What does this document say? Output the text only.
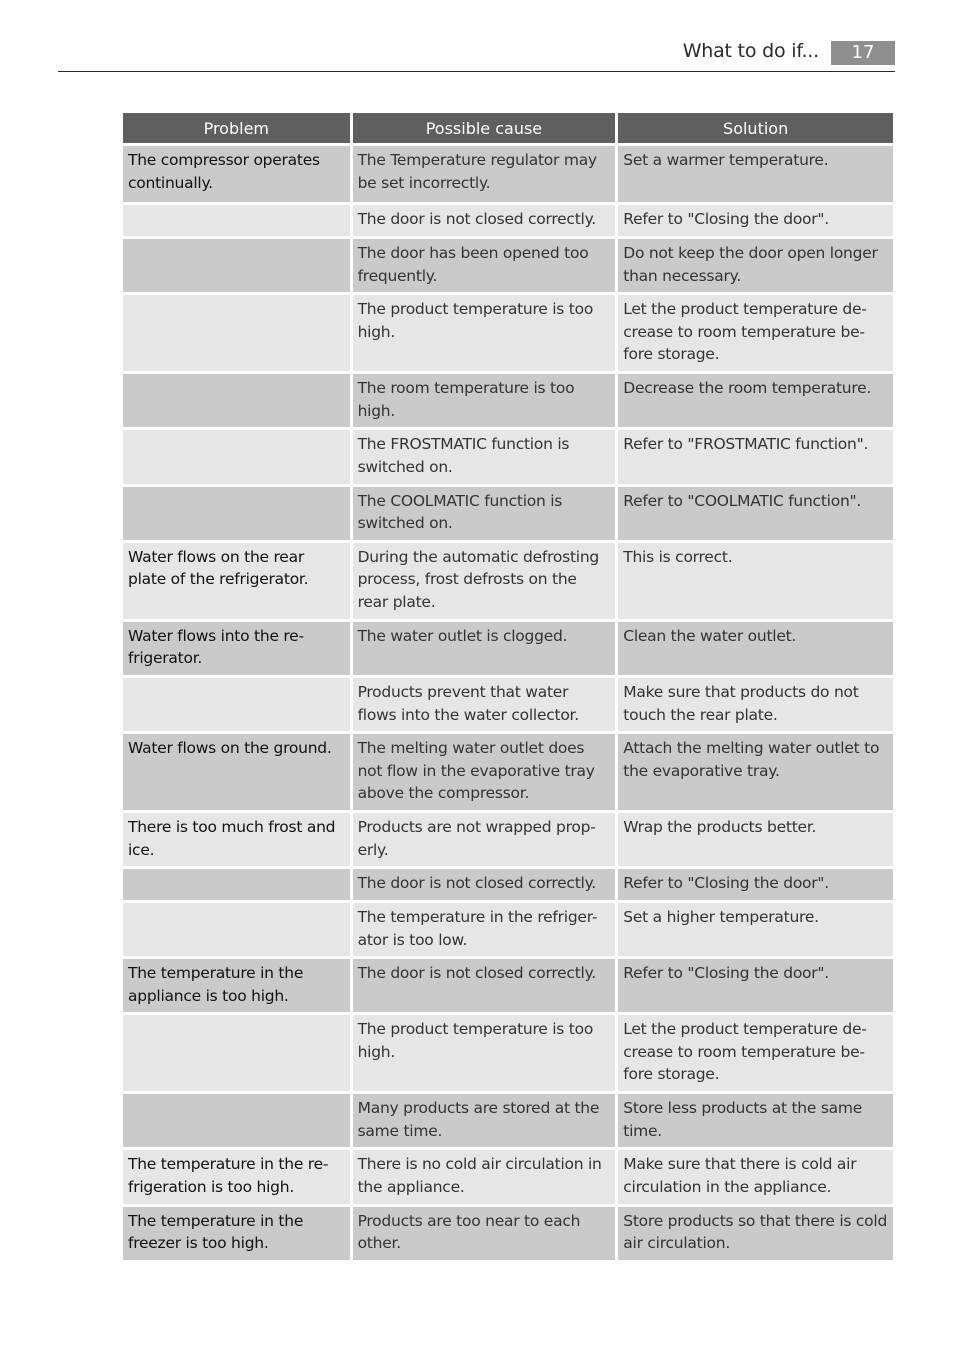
What to do if...	17
Problem	Possible cause	Solution
The compressor operates continually.	The Temperature regulator may be set incorrectly.	Set a warmer temperature.
	The door is not closed correctly.	Refer to "Closing the door".
	The door has been opened too frequently.	Do not keep the door open longer than necessary.
	The product temperature is too high.	Let the product temperature de-crease to room temperature be-fore storage.
	The room temperature is too high.	Decrease the room temperature.
	The FROSTMATIC function is switched on.	Refer to "FROSTMATIC function".
	The COOLMATIC function is switched on.	Refer to "COOLMATIC function".
Water flows on the rear plate of the refrigerator.	During the automatic defrosting process, frost defrosts on the rear plate.	This is correct.
Water flows into the re-frigerator.	The water outlet is clogged.	Clean the water outlet.
	Products prevent that water flows into the water collector.	Make sure that products do not touch the rear plate.
Water flows on the ground.	The melting water outlet does not flow in the evaporative tray above the compressor.	Attach the melting water outlet to the evaporative tray.
There is too much frost and ice.	Products are not wrapped prop-erly.	Wrap the products better.
	The door is not closed correctly.	Refer to "Closing the door".
	The temperature in the refriger-ator is too low.	Set a higher temperature.
The temperature in the appliance is too high.	The door is not closed correctly.	Refer to "Closing the door".
	The product temperature is too high.	Let the product temperature de-crease to room temperature be-fore storage.
	Many products are stored at the same time.	Store less products at the same time.
The temperature in the re-frigeration is too high.	There is no cold air circulation in the appliance.	Make sure that there is cold air circulation in the appliance.
The temperature in the freezer is too high.	Products are too near to each other.	Store products so that there is cold air circulation.
